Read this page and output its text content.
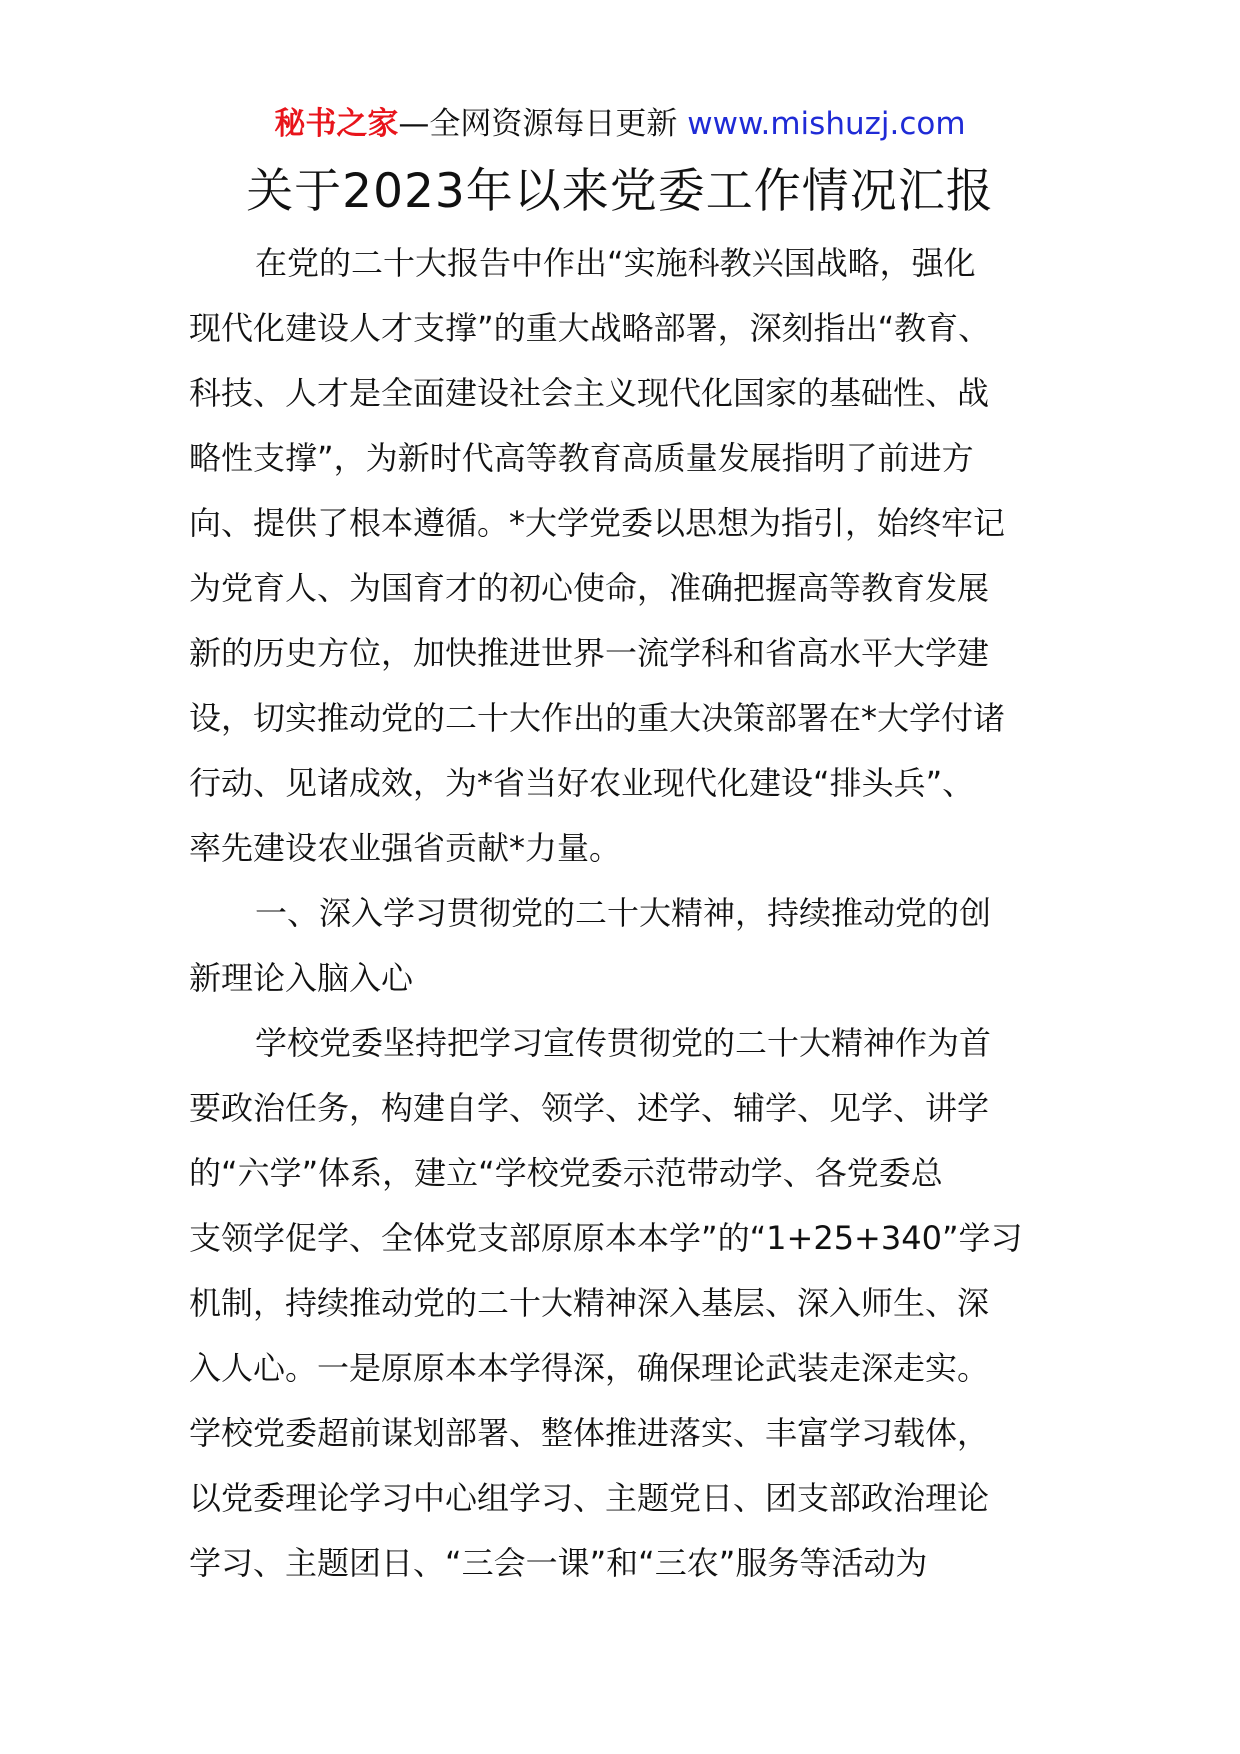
秘书之家—全网资源每日更新 www.mishuzj.com
关于2023年以来党委工作情况汇报
在党的二十大报告中作出“实施科教兴国战略，强化
现代化建设人才支撑”的重大战略部署，深刻指出“教育、
科技、人才是全面建设社会主义现代化国家的基础性、战
略性支撑”，为新时代高等教育高质量发展指明了前进方
向、提供了根本遵循。*大学党委以思想为指引，始终牢记
为党育人、为国育才的初心使命，准确把握高等教育发展
新的历史方位，加快推进世界一流学科和省高水平大学建
设，切实推动党的二十大作出的重大决策部署在*大学付诸
行动、见诸成效，为*省当好农业现代化建设“排头兵”、
率先建设农业强省贡献*力量。
一、深入学习贯彻党的二十大精神，持续推动党的创
新理论入脑入心
学校党委坚持把学习宣传贯彻党的二十大精神作为首
要政治任务，构建自学、领学、述学、辅学、见学、讲学
的“六学”体系，建立“学校党委示范带动学、各党委总
支领学促学、全体党支部原原本本学”的“1+25+340”学习
机制，持续推动党的二十大精神深入基层、深入师生、深
入人心。一是原原本本学得深，确保理论武装走深走实。
学校党委超前谋划部署、整体推进落实、丰富学习载体，
以党委理论学习中心组学习、主题党日、团支部政治理论
学习、主题团日、“三会一课”和“三农”服务等活动为
